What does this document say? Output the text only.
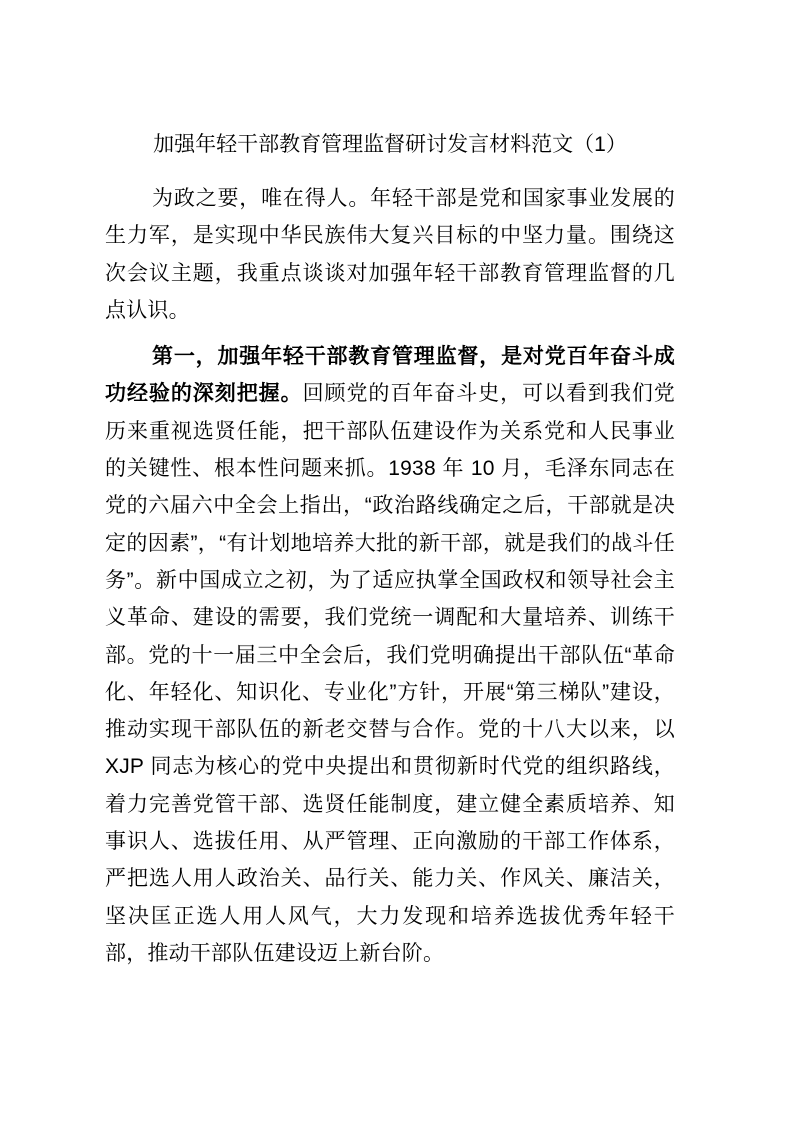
加强年轻干部教育管理监督研讨发言材料范文（1）

为政之要，唯在得人。年轻干部是党和国家事业发展的生力军，是实现中华民族伟大复兴目标的中坚力量。围绕这次会议主题，我重点谈谈对加强年轻干部教育管理监督的几点认识。

第一，加强年轻干部教育管理监督，是对党百年奋斗成功经验的深刻把握。回顾党的百年奋斗史，可以看到我们党历来重视选贤任能，把干部队伍建设作为关系党和人民事业的关键性、根本性问题来抓。1938 年 10 月，毛泽东同志在党的六届六中全会上指出，“政治路线确定之后，干部就是决定的因素”，“有计划地培养大批的新干部，就是我们的战斗任务”。新中国成立之初，为了适应执掌全国政权和领导社会主义革命、建设的需要，我们党统一调配和大量培养、训练干部。党的十一届三中全会后，我们党明确提出干部队伍“革命化、年轻化、知识化、专业化”方针，开展“第三梯队”建设，推动实现干部队伍的新老交替与合作。党的十八大以来，以 XJP 同志为核心的党中央提出和贯彻新时代党的组织路线，着力完善党管干部、选贤任能制度，建立健全素质培养、知事识人、选拔任用、从严管理、正向激励的干部工作体系，严把选人用人政治关、品行关、能力关、作风关、廉洁关，坚决匡正选人用人风气，大力发现和培养选拔优秀年轻干部，推动干部队伍建设迈上新台阶。
